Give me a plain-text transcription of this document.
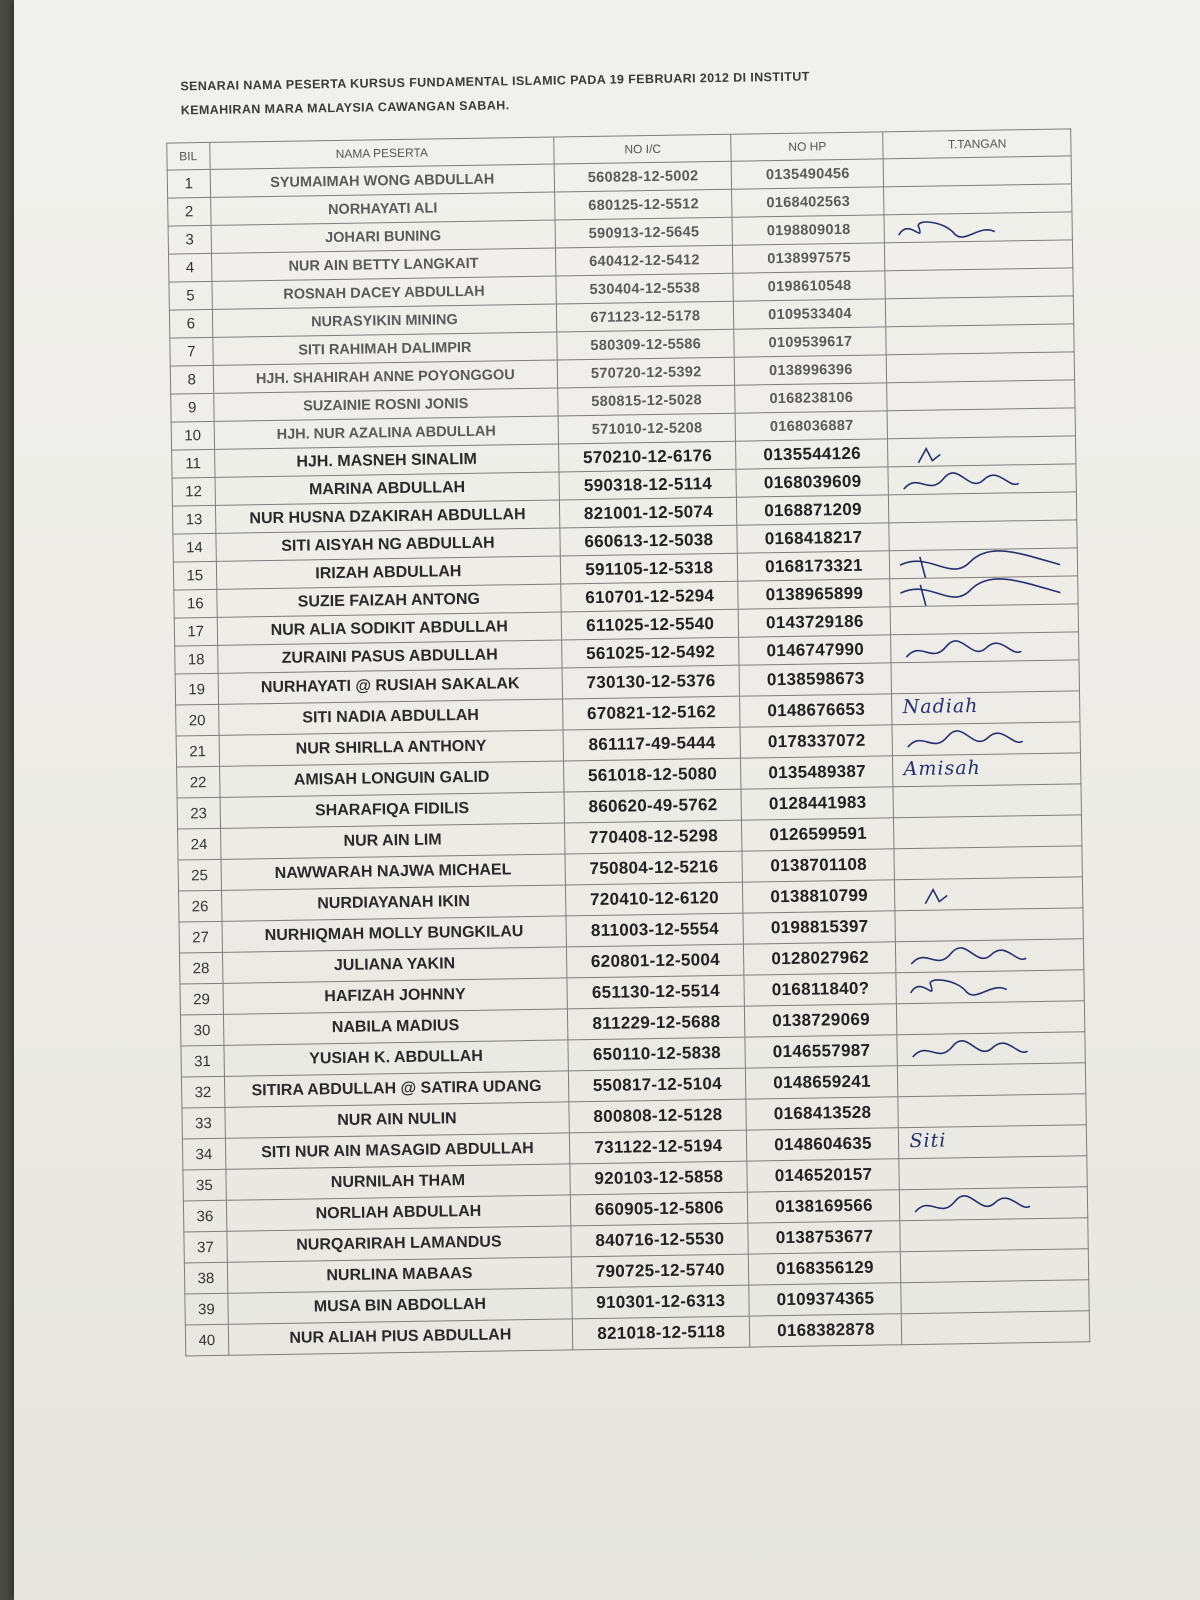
SENARAI NAMA PESERTA KURSUS FUNDAMENTAL ISLAMIC PADA 19 FEBRUARI 2012 DI INSTITUT
KEMAHIRAN MARA MALAYSIA CAWANGAN SABAH.
BIL	NAMA PESERTA	NO I/C	NO HP	T.TANGAN
1	SYUMAIMAH WONG ABDULLAH	560828-12-5002	0135490456	

2	NORHAYATI ALI	680125-12-5512	0168402563	

3	JOHARI BUNING	590913-12-5645	0198809018	

4	NUR AIN BETTY LANGKAIT	640412-12-5412	0138997575	

5	ROSNAH DACEY ABDULLAH	530404-12-5538	0198610548	

6	NURASYIKIN MINING	671123-12-5178	0109533404	

7	SITI RAHIMAH DALIMPIR	580309-12-5586	0109539617	

8	HJH. SHAHIRAH ANNE POYONGGOU	570720-12-5392	0138996396	

9	SUZAINIE ROSNI JONIS	580815-12-5028	0168238106	

10	HJH. NUR AZALINA ABDULLAH	571010-12-5208	0168036887	

11	HJH. MASNEH SINALIM	570210-12-6176	0135544126	

12	MARINA ABDULLAH	590318-12-5114	0168039609	

13	NUR HUSNA DZAKIRAH ABDULLAH	821001-12-5074	0168871209	

14	SITI AISYAH NG ABDULLAH	660613-12-5038	0168418217	

15	IRIZAH ABDULLAH	591105-12-5318	0168173321	

16	SUZIE FAIZAH ANTONG	610701-12-5294	0138965899	

17	NUR ALIA SODIKIT ABDULLAH	611025-12-5540	0143729186	

18	ZURAINI PASUS ABDULLAH	561025-12-5492	0146747990	

19	NURHAYATI @ RUSIAH SAKALAK	730130-12-5376	0138598673	

20	SITI NADIA ABDULLAH	670821-12-5162	0148676653	Nadiah

21	NUR SHIRLLA ANTHONY	861117-49-5444	0178337072	

22	AMISAH LONGUIN GALID	561018-12-5080	0135489387	Amisah

23	SHARAFIQA FIDILIS	860620-49-5762	0128441983	

24	NUR AIN LIM	770408-12-5298	0126599591	

25	NAWWARAH NAJWA MICHAEL	750804-12-5216	0138701108	

26	NURDIAYANAH IKIN	720410-12-6120	0138810799	

27	NURHIQMAH MOLLY BUNGKILAU	811003-12-5554	0198815397	

28	JULIANA YAKIN	620801-12-5004	0128027962	

29	HAFIZAH JOHNNY	651130-12-5514	016811840?	

30	NABILA MADIUS	811229-12-5688	0138729069	

31	YUSIAH K. ABDULLAH	650110-12-5838	0146557987	

32	SITIRA ABDULLAH @ SATIRA UDANG	550817-12-5104	0148659241	

33	NUR AIN NULIN	800808-12-5128	0168413528	

34	SITI NUR AIN MASAGID ABDULLAH	731122-12-5194	0148604635	Siti

35	NURNILAH THAM	920103-12-5858	0146520157	

36	NORLIAH ABDULLAH	660905-12-5806	0138169566	

37	NURQARIRAH LAMANDUS	840716-12-5530	0138753677	

38	NURLINA MABAAS	790725-12-5740	0168356129	

39	MUSA BIN ABDOLLAH	910301-12-6313	0109374365	

40	NUR ALIAH PIUS ABDULLAH	821018-12-5118	0168382878	
